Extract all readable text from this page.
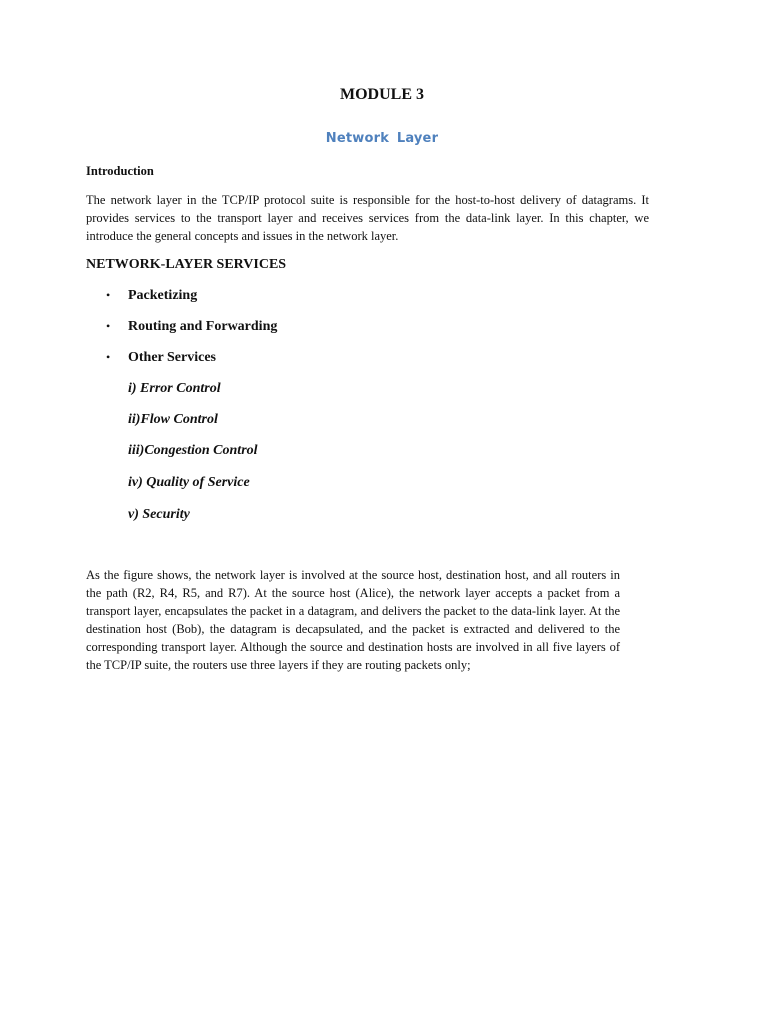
MODULE 3
Network Layer
Introduction
The network layer in the TCP/IP protocol suite is responsible for the host-to-host delivery of datagrams. It provides services to the transport layer and receives services from the data-link layer. In this chapter, we introduce the general concepts and issues in the network layer.
NETWORK-LAYER SERVICES
• Packetizing
• Routing and Forwarding
• Other Services
i) Error Control
ii)Flow Control
iii)Congestion Control
iv) Quality of Service
v) Security
As the figure shows, the network layer is involved at the source host, destination host, and all routers in the path (R2, R4, R5, and R7). At the source host (Alice), the network layer accepts a packet from a transport layer, encapsulates the packet in a datagram, and delivers the packet to the data-link layer. At the destination host (Bob), the datagram is decapsulated, and the packet is extracted and delivered to the corresponding transport layer. Although the source and destination hosts are involved in all five layers of the TCP/IP suite, the routers use three layers if they are routing packets only;
